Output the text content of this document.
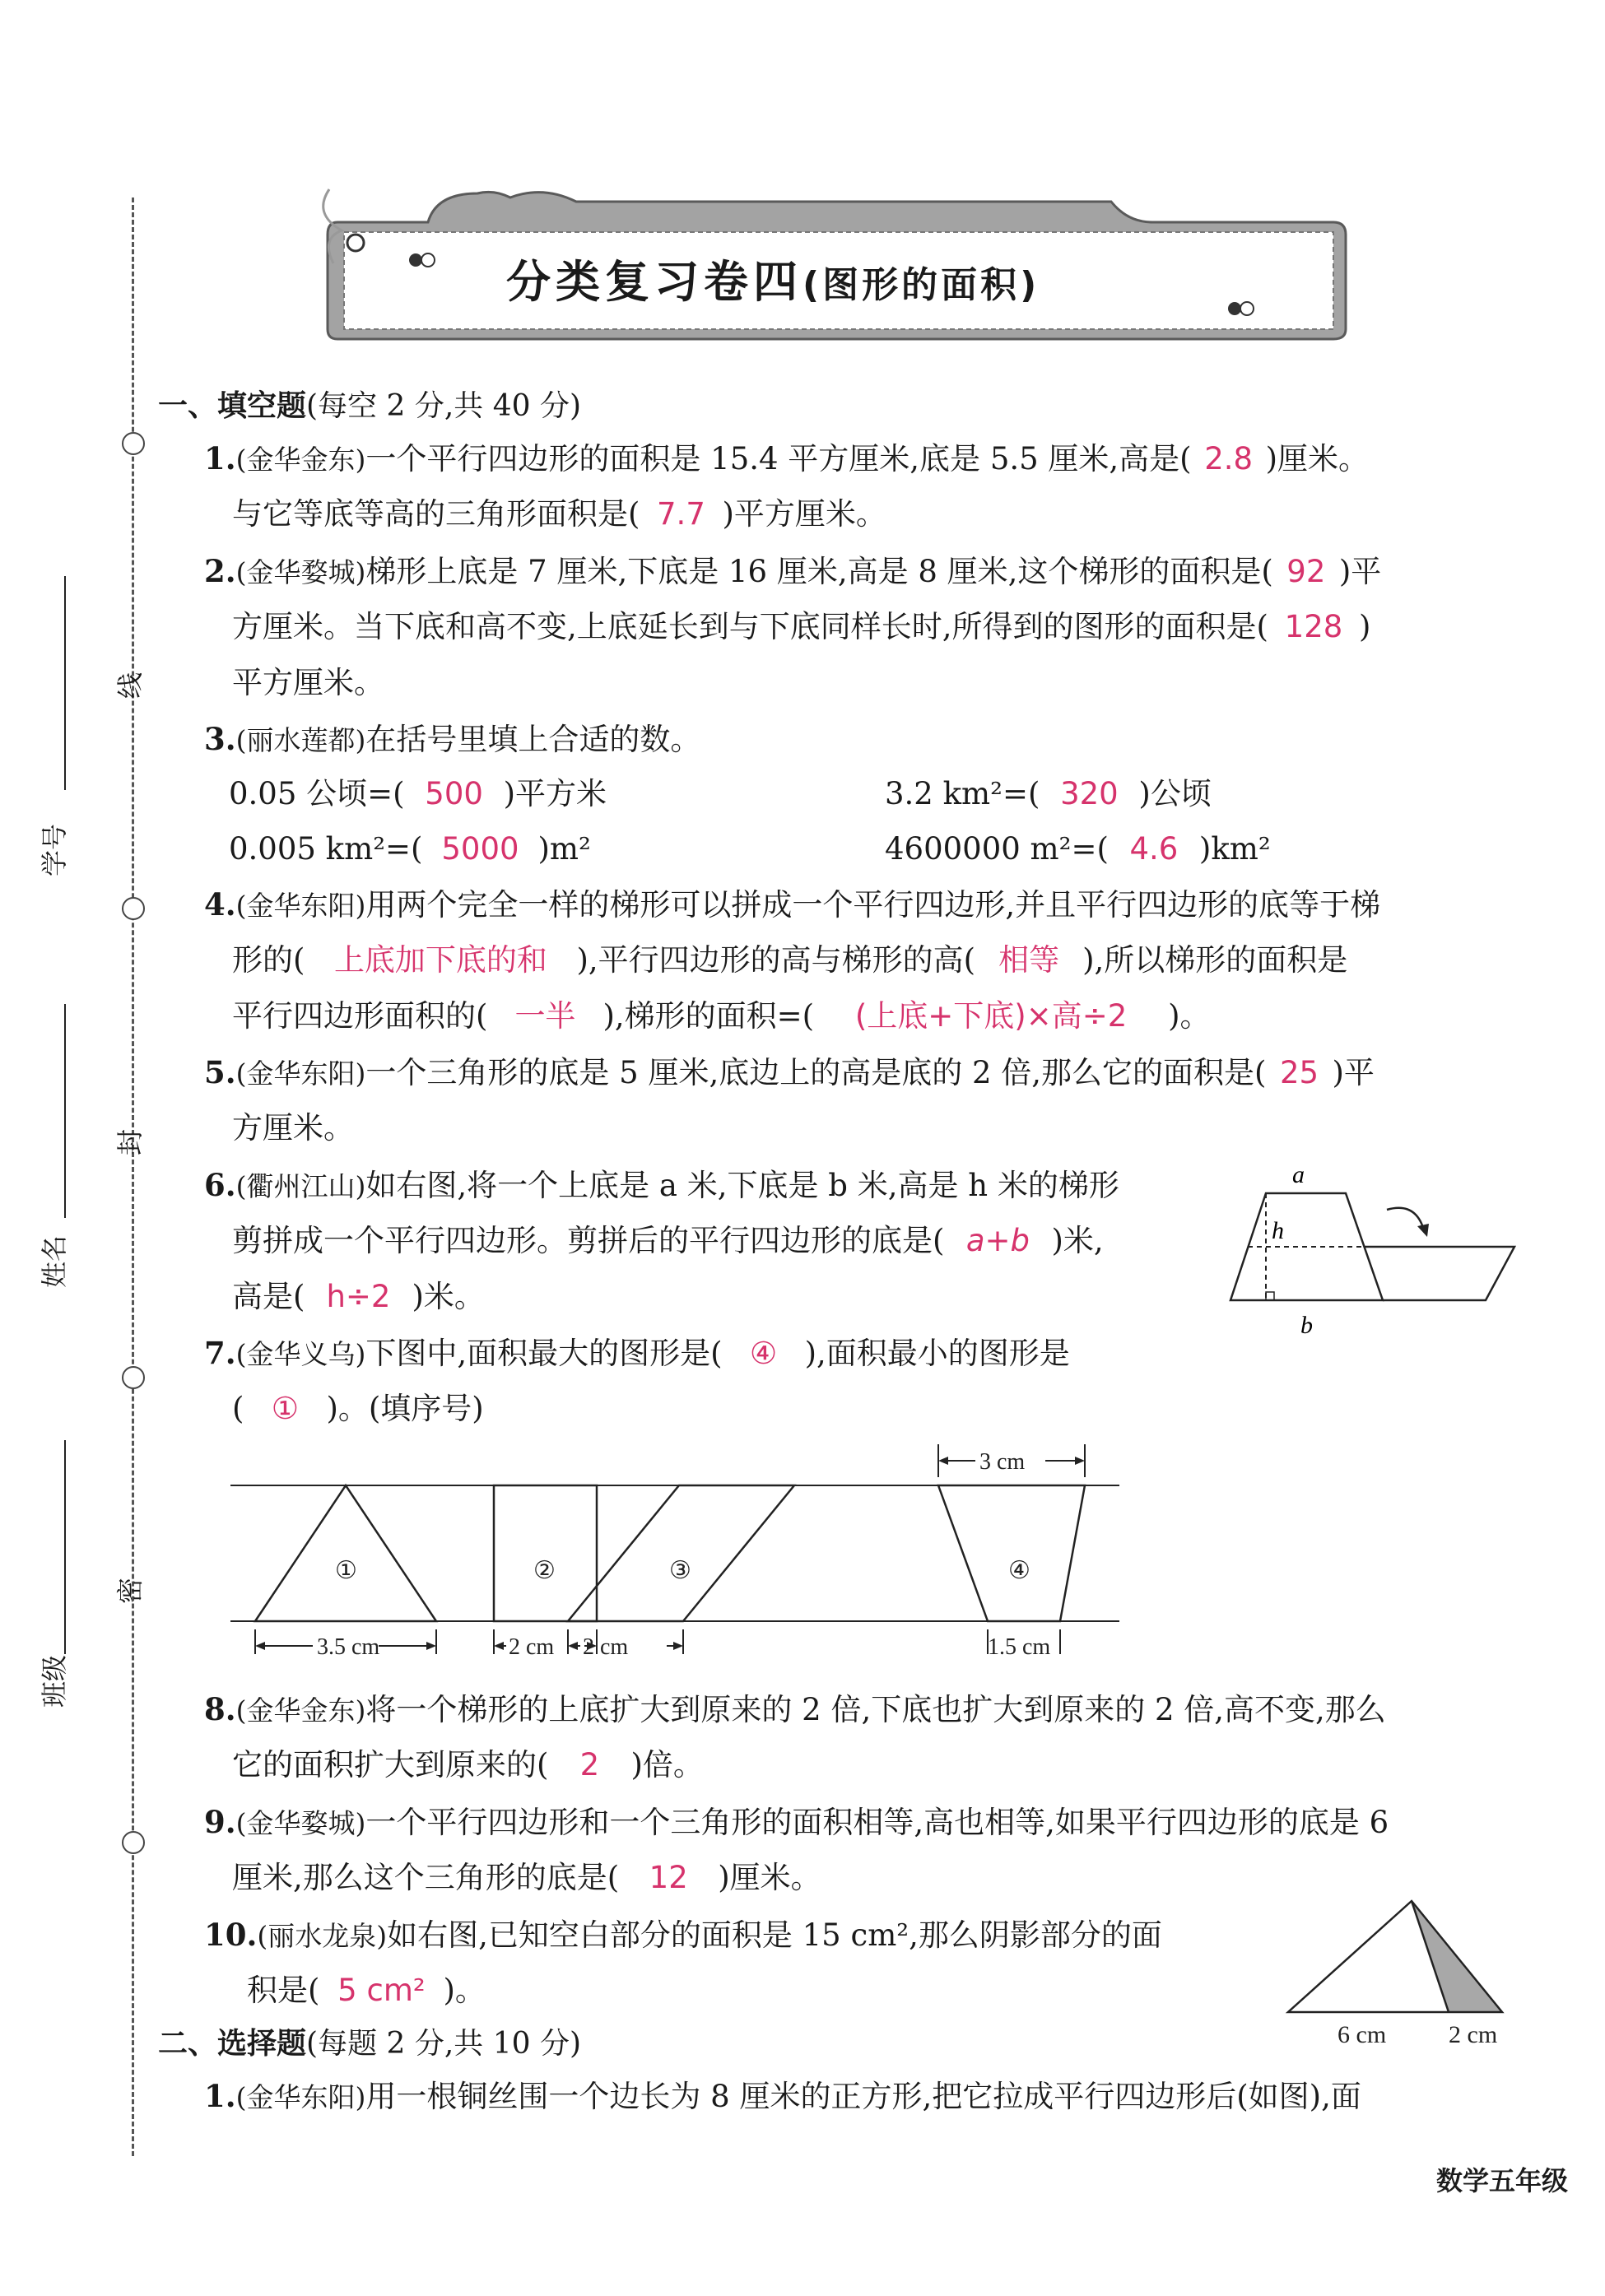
学号
线
姓名
封
班级
密
分类复习卷四(图形的面积)
一、填空题(每空 2 分,共 40 分)
1.(金华金东)一个平行四边形的面积是 15.4 平方厘米,底是 5.5 厘米,高是( 2.8 )厘米。
与它等底等高的三角形面积是( 7.7 )平方厘米。
2.(金华婺城)梯形上底是 7 厘米,下底是 16 厘米,高是 8 厘米,这个梯形的面积是( 92 )平
方厘米。当下底和高不变,上底延长到与下底同样长时,所得到的图形的面积是( 128 )
平方厘米。
3.(丽水莲都)在括号里填上合适的数。
0.05 公顷=( 500 )平方米	3.2 km²=( 320 )公顷
0.005 km²=( 5000 )m²	4600000 m²=( 4.6 )km²
4.(金华东阳)用两个完全一样的梯形可以拼成一个平行四边形,并且平行四边形的底等于梯
形的( 上底加下底的和 ),平行四边形的高与梯形的高( 相等 ),所以梯形的面积是
平行四边形面积的( 一半 ),梯形的面积=( (上底+下底)×高÷2 )。
5.(金华东阳)一个三角形的底是 5 厘米,底边上的高是底的 2 倍,那么它的面积是( 25 )平
方厘米。
6.(衢州江山)如右图,将一个上底是 a 米,下底是 b 米,高是 h 米的梯形
剪拼成一个平行四边形。剪拼后的平行四边形的底是( a+b )米,
高是( h÷2 )米。
a
h
b
7.(金华义乌)下图中,面积最大的图形是( ④ ),面积最小的图形是
( ① )。(填序号)
①	②	③	④
3.5 cm	2 cm 2 cm	1.5 cm
3 cm
8.(金华金东)将一个梯形的上底扩大到原来的 2 倍,下底也扩大到原来的 2 倍,高不变,那么
它的面积扩大到原来的( 2 )倍。
9.(金华婺城)一个平行四边形和一个三角形的面积相等,高也相等,如果平行四边形的底是 6
厘米,那么这个三角形的底是( 12 )厘米。
10.(丽水龙泉)如右图,已知空白部分的面积是 15 cm²,那么阴影部分的面
积是( 5 cm² )。
6 cm	2 cm
二、选择题(每题 2 分,共 10 分)
1.(金华东阳)用一根铜丝围一个边长为 8 厘米的正方形,把它拉成平行四边形后(如图),面
数学五年级
